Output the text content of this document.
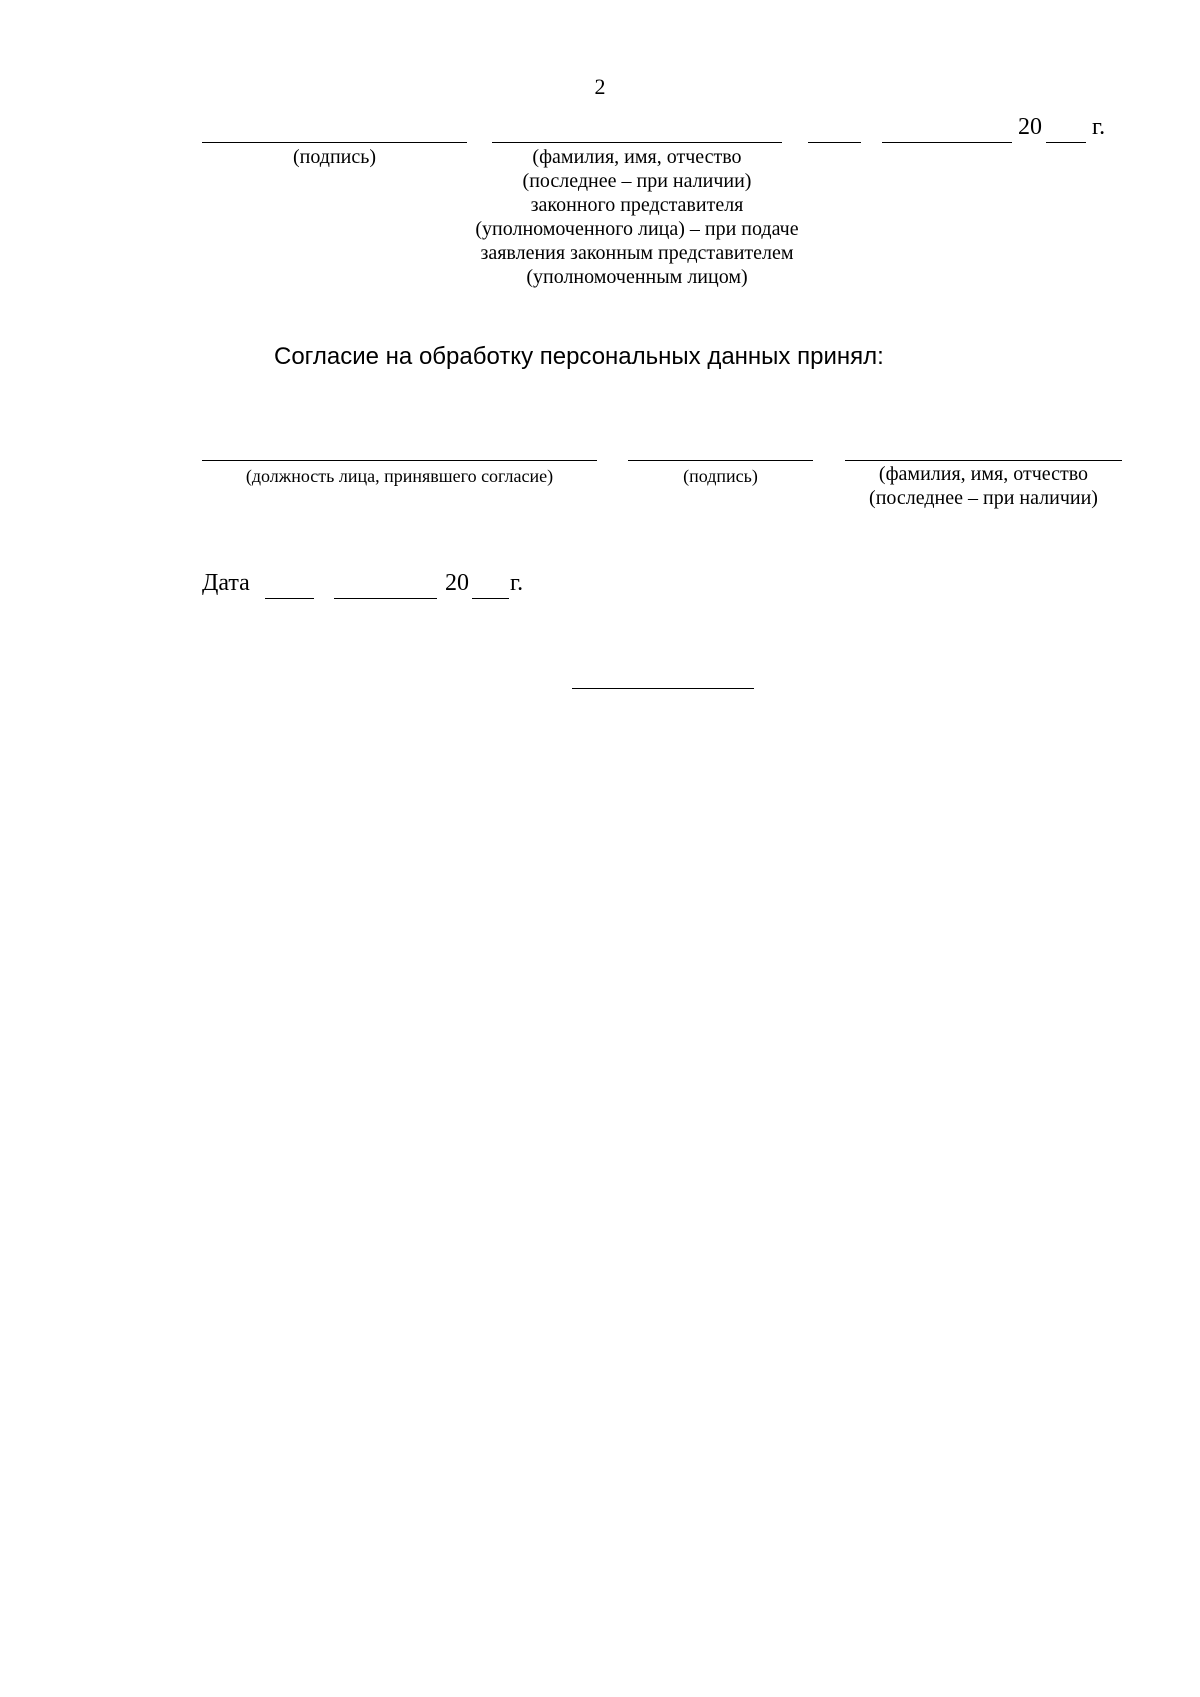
2
20 г.
(подпись)	(фамилия, имя, отчество
(последнее – при наличии)
законного представителя
(уполномоченного лица) – при подаче
заявления законным представителем
(уполномоченным лицом)
Согласие на обработку персональных данных принял:
(должность лица, принявшего согласие)	(подпись)	(фамилия, имя, отчество
(последнее – при наличии)
Дата	20 г.
